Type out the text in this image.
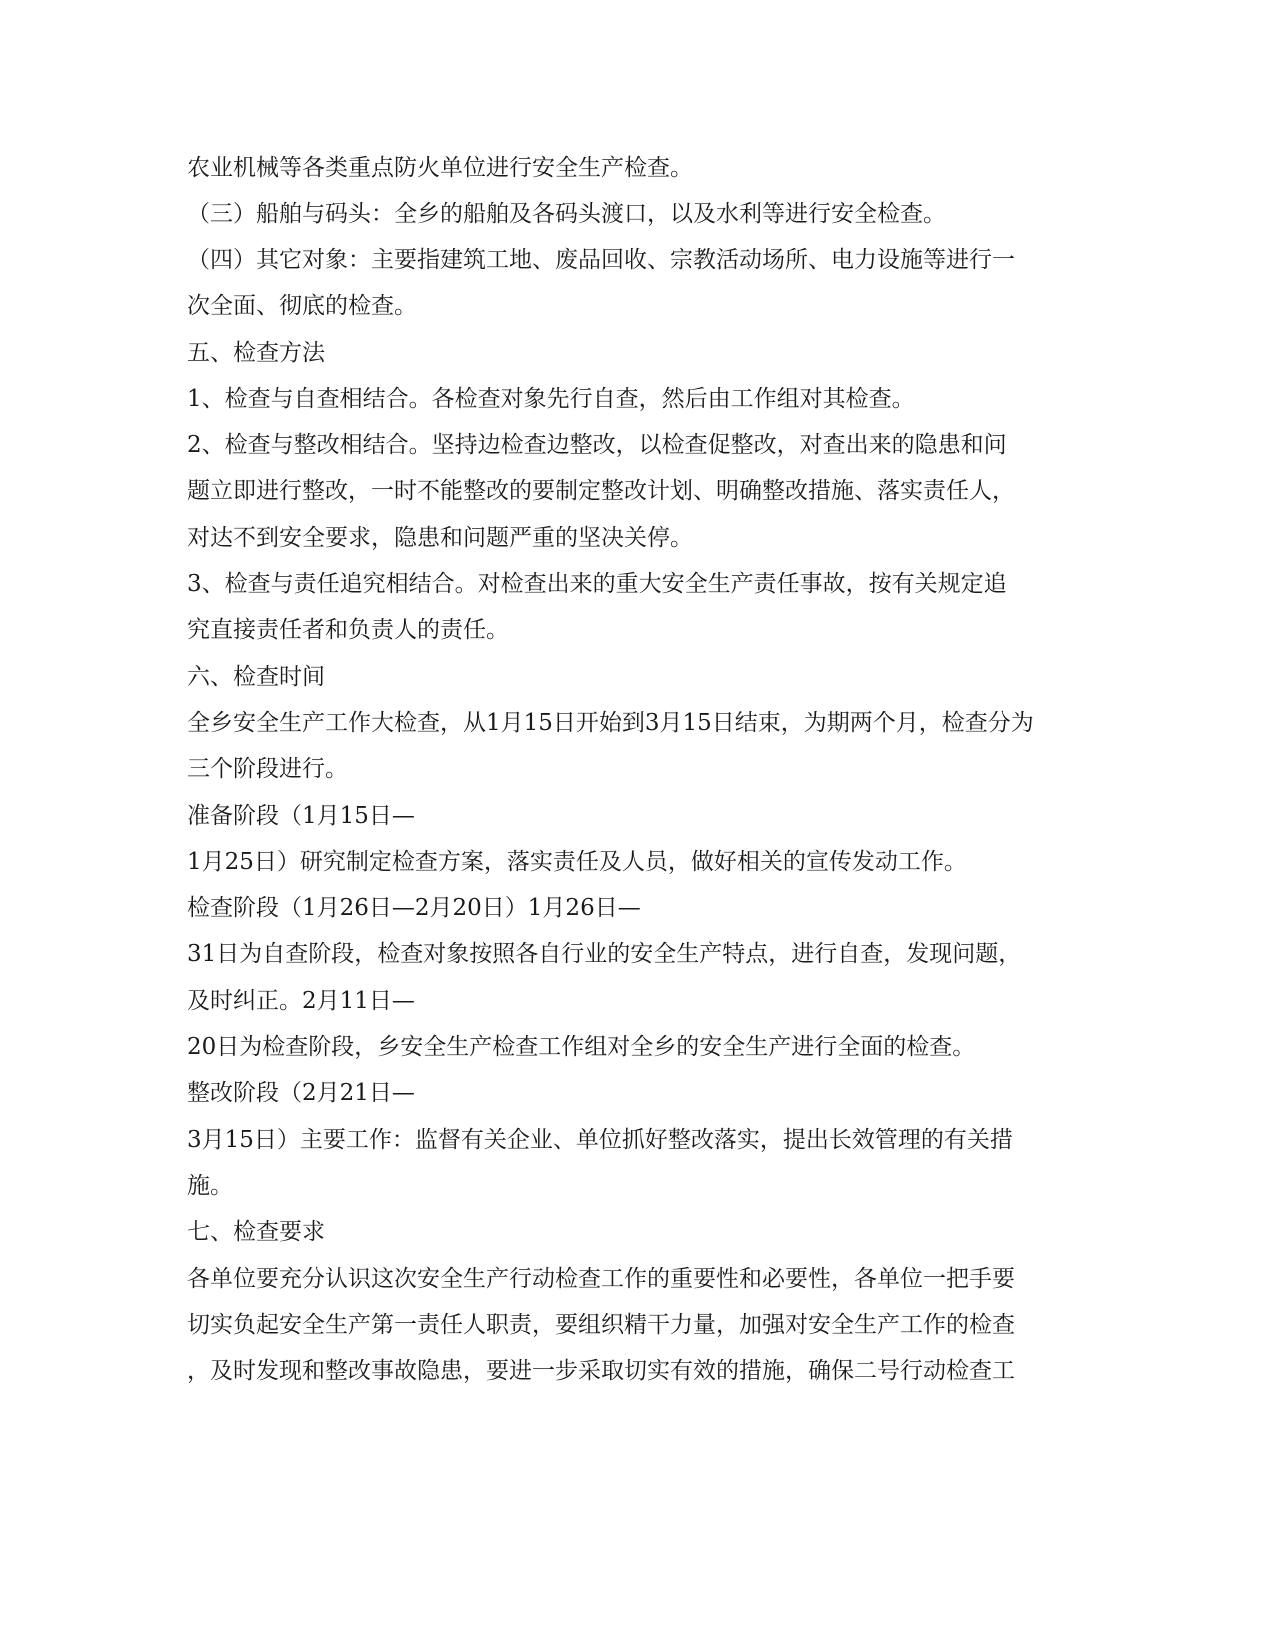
农业机械等各类重点防火单位进行安全生产检查。
（三）船舶与码头：全乡的船舶及各码头渡口，以及水利等进行安全检查。
（四）其它对象：主要指建筑工地、废品回收、宗教活动场所、电力设施等进行一
次全面、彻底的检查。
五、检查方法
1、检查与自查相结合。各检查对象先行自查，然后由工作组对其检查。
2、检查与整改相结合。坚持边检查边整改，以检查促整改，对查出来的隐患和问
题立即进行整改，一时不能整改的要制定整改计划、明确整改措施、落实责任人，
对达不到安全要求，隐患和问题严重的坚决关停。
3、检查与责任追究相结合。对检查出来的重大安全生产责任事故，按有关规定追
究直接责任者和负责人的责任。
六、检查时间
全乡安全生产工作大检查，从1月15日开始到3月15日结束，为期两个月，检查分为
三个阶段进行。
准备阶段（1月15日—
1月25日）研究制定检查方案，落实责任及人员，做好相关的宣传发动工作。
检查阶段（1月26日—2月20日）1月26日—
31日为自查阶段，检查对象按照各自行业的安全生产特点，进行自查，发现问题，
及时纠正。2月11日—
20日为检查阶段，乡安全生产检查工作组对全乡的安全生产进行全面的检查。
整改阶段（2月21日—
3月15日）主要工作：监督有关企业、单位抓好整改落实，提出长效管理的有关措
施。
七、检查要求
各单位要充分认识这次安全生产行动检查工作的重要性和必要性，各单位一把手要
切实负起安全生产第一责任人职责，要组织精干力量，加强对安全生产工作的检查
，及时发现和整改事故隐患，要进一步采取切实有效的措施，确保二号行动检查工
